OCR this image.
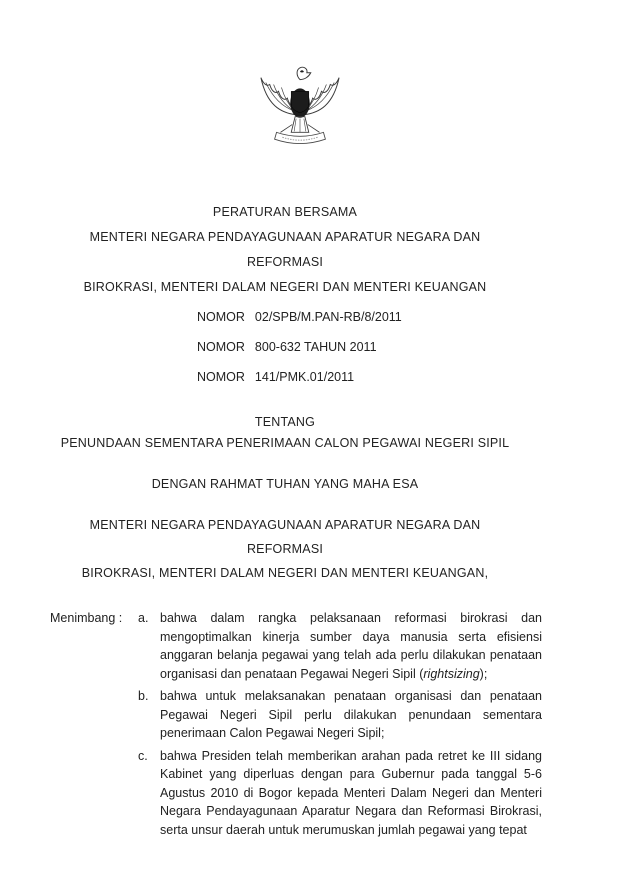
PERATURAN BERSAMA
MENTERI NEGARA PENDAYAGUNAAN APARATUR NEGARA DAN REFORMASI
BIROKRASI, MENTERI DALAM NEGERI DAN MENTERI KEUANGAN
NOMOR 02/SPB/M.PAN-RB/8/2011
NOMOR 800-632 TAHUN 2011
NOMOR 141/PMK.01/2011
TENTANG
PENUNDAAN SEMENTARA PENERIMAAN CALON PEGAWAI NEGERI SIPIL
DENGAN RAHMAT TUHAN YANG MAHA ESA
MENTERI NEGARA PENDAYAGUNAAN APARATUR NEGARA DAN REFORMASI
BIROKRASI, MENTERI DALAM NEGERI DAN MENTERI KEUANGAN,
Menimbang :	a. bahwa dalam rangka pelaksanaan reformasi birokrasi dan mengoptimalkan kinerja sumber daya manusia serta efisiensi anggaran belanja pegawai yang telah ada perlu dilakukan penataan organisasi dan penataan Pegawai Negeri Sipil (rightsizing);
b. bahwa untuk melaksanakan penataan organisasi dan penataan Pegawai Negeri Sipil perlu dilakukan penundaan sementara penerimaan Calon Pegawai Negeri Sipil;
c. bahwa Presiden telah memberikan arahan pada retret ke III sidang Kabinet yang diperluas dengan para Gubernur pada tanggal 5-6 Agustus 2010 di Bogor kepada Menteri Dalam Negeri dan Menteri Negara Pendayagunaan Aparatur Negara dan Reformasi Birokrasi, serta unsur daerah untuk merumuskan jumlah pegawai yang tepat
